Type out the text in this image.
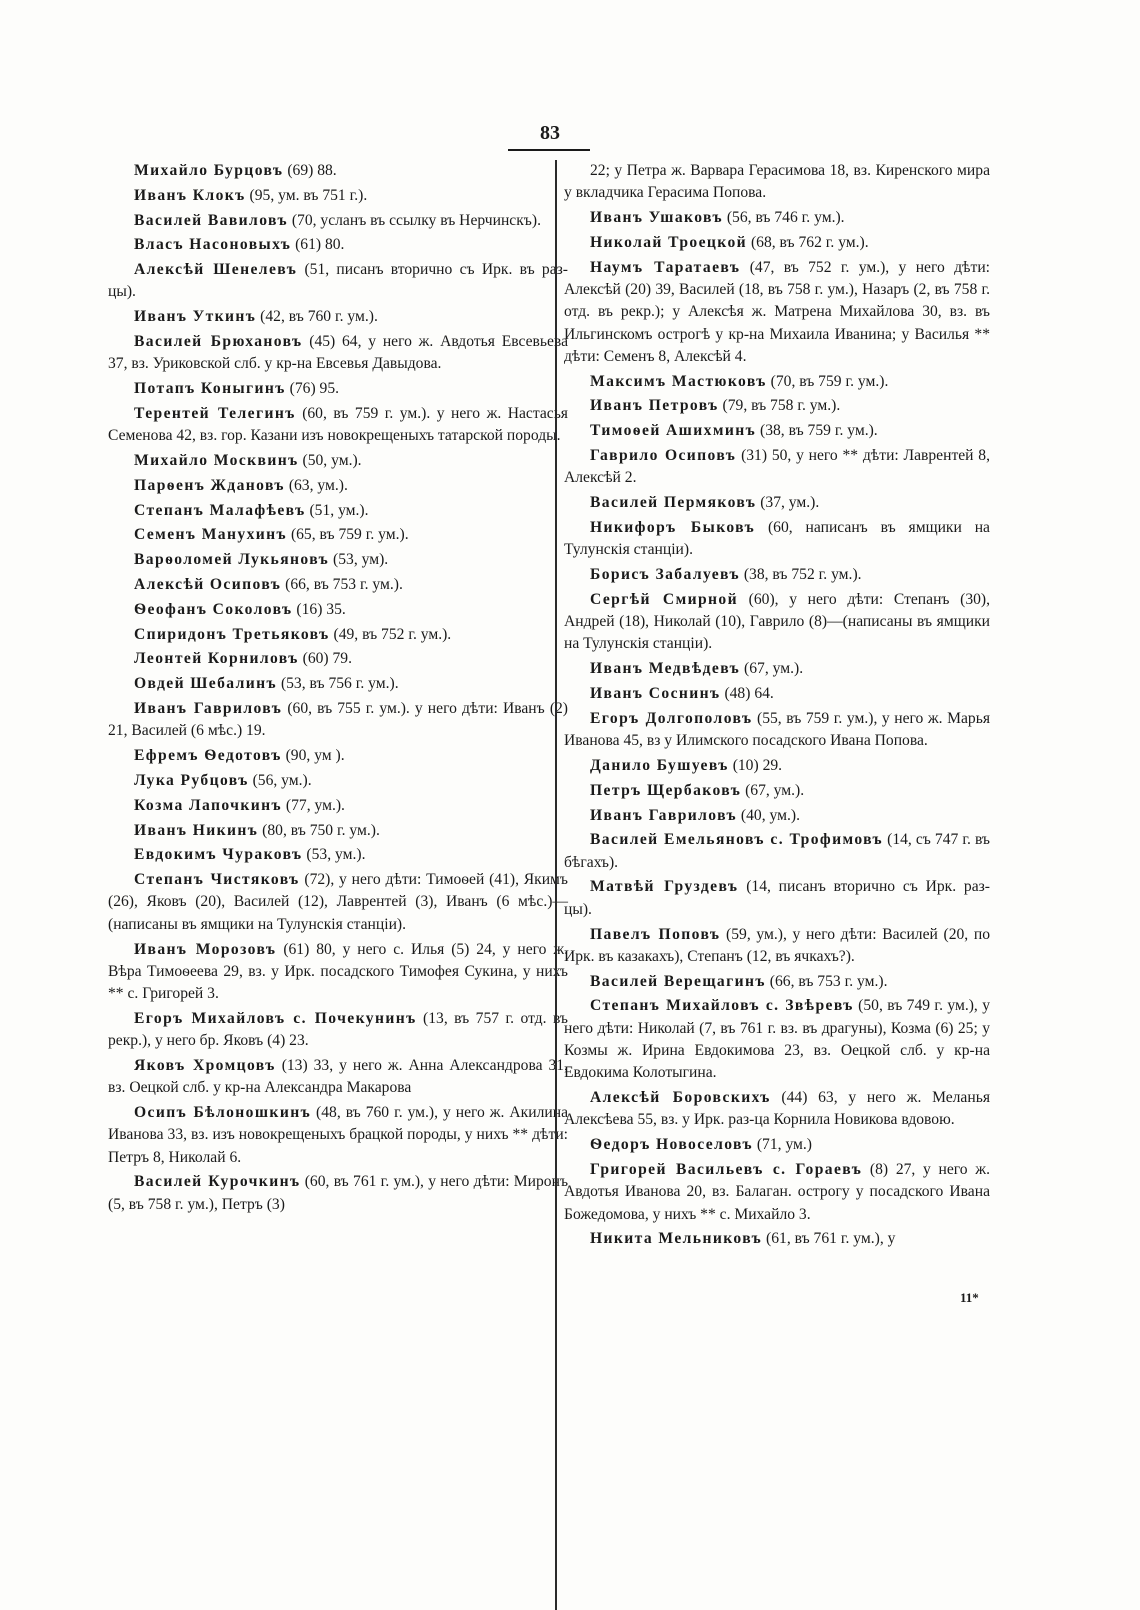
83

Михайло Бурцовъ (69) 88.

Иванъ Клокъ (95, ум. въ 751 г.).

Василей Вавиловъ (70, усланъ въ ссылку въ Нерчинскъ).

Власъ Насоновыхъ (61) 80.

Алексѣй Шенелевъ (51, писанъ вторично съ Ирк. въ раз-цы).

Иванъ Уткинъ (42, въ 760 г. ум.).

Василей Брюхановъ (45) 64, у него ж. Авдотья Евсевьева 37, вз. Уриковской слб. у кр-на Евсевья Давыдова.

Потапъ Коныгинъ (76) 95.

Терентей Телегинъ (60, въ 759 г. ум.). у него ж. Настасья Семенова 42, вз. гор. Казани изъ новокрещеныхъ татарской породы.

Михайло Москвинъ (50, ум.).

Парѳенъ Ждановъ (63, ум.).

Степанъ Малафѣевъ (51, ум.).

Семенъ Манухинъ (65, въ 759 г. ум.).

Варѳоломей Лукьяновъ (53, ум).

Алексѣй Осиповъ (66, въ 753 г. ум.).

Ѳеофанъ Соколовъ (16) 35.

Спиридонъ Третьяковъ (49, въ 752 г. ум.).

Леонтей Корниловъ (60) 79.

Овдей Шебалинъ (53, въ 756 г. ум.).

Иванъ Гавриловъ (60, въ 755 г. ум.). у него дѣти: Иванъ (2) 21, Василей (6 мѣс.) 19.

Ефремъ Ѳедотовъ (90, ум ).

Лука Рубцовъ (56, ум.).

Козма Лапочкинъ (77, ум.).

Иванъ Никинъ (80, въ 750 г. ум.).

Евдокимъ Чураковъ (53, ум.).

Степанъ Чистяковъ (72), у него дѣти: Тимоѳей (41), Якимъ (26), Яковъ (20), Василей (12), Лаврентей (3), Иванъ (6 мѣс.)—(написаны въ ямщики на Тулунскія станціи).

Иванъ Морозовъ (61) 80, у него с. Илья (5) 24, у него ж. Вѣра Тимоѳеева 29, вз. у Ирк. посадского Тимофея Сукина, у нихъ ** с. Григорей 3.

Егоръ Михайловъ с. Почекунинъ (13, въ 757 г. отд. въ рекр.), у него бр. Яковъ (4) 23.

Яковъ Хромцовъ (13) 33, у него ж. Анна Александрова 31, вз. Оецкой слб. у кр-на Александра Макарова

Осипъ Бѣлоношкинъ (48, въ 760 г. ум.), у него ж. Акилина Иванова 33, вз. изъ новокрещеныхъ брацкой породы, у нихъ ** дѣти: Петръ 8, Николай 6.

Василей Курочкинъ (60, въ 761 г. ум.), у него дѣти: Миронъ (5, въ 758 г. ум.), Петръ (3)

22; у Петра ж. Варвара Герасимова 18, вз. Киренского мира у вкладчика Герасима Попова.

Иванъ Ушаковъ (56, въ 746 г. ум.).

Николай Троецкой (68, въ 762 г. ум.).

Наумъ Таратаевъ (47, въ 752 г. ум.), у него дѣти: Алексѣй (20) 39, Василей (18, въ 758 г. ум.), Назаръ (2, въ 758 г. отд. въ рекр.); у Алексѣя ж. Матрена Михайлова 30, вз. въ Ильгинскомъ острогѣ у кр-на Михаила Иванина; у Василья ** дѣти: Семенъ 8, Алексѣй 4.

Максимъ Мастюковъ (70, въ 759 г. ум.).

Иванъ Петровъ (79, въ 758 г. ум.).

Тимоѳей Ашихминъ (38, въ 759 г. ум.).

Гаврило Осиповъ (31) 50, у него ** дѣти: Лаврентей 8, Алексѣй 2.

Василей Пермяковъ (37, ум.).

Никифоръ Быковъ (60, написанъ въ ямщики на Тулунскія станціи).

Борисъ Забалуевъ (38, въ 752 г. ум.).

Сергѣй Смирной (60), у него дѣти: Степанъ (30), Андрей (18), Николай (10), Гаврило (8)—(написаны въ ямщики на Тулунскія станціи).

Иванъ Медвѣдевъ (67, ум.).

Иванъ Соснинъ (48) 64.

Егоръ Долгополовъ (55, въ 759 г. ум.), у него ж. Марья Иванова 45, вз у Илимского посадского Ивана Попова.

Данило Бушуевъ (10) 29.

Петръ Щербаковъ (67, ум.).

Иванъ Гавриловъ (40, ум.).

Василей Емельяновъ с. Трофимовъ (14, съ 747 г. въ бѣгахъ).

Матвѣй Груздевъ (14, писанъ вторично съ Ирк. раз-цы).

Павелъ Поповъ (59, ум.), у него дѣти: Василей (20, по Ирк. въ казакахъ), Степанъ (12, въ ячкахъ?).

Василей Верещагинъ (66, въ 753 г. ум.).

Степанъ Михайловъ с. Звѣревъ (50, въ 749 г. ум.), у него дѣти: Николай (7, въ 761 г. вз. въ драгуны), Козма (6) 25; у Козмы ж. Ирина Евдокимова 23, вз. Оецкой слб. у кр-на Евдокима Колотыгина.

Алексѣй Боровскихъ (44) 63, у него ж. Меланья Алексѣева 55, вз. у Ирк. раз-ца Корнила Новикова вдовою.

Ѳедоръ Новоселовъ (71, ум.)

Григорей Васильевъ с. Гораевъ (8) 27, у него ж. Авдотья Иванова 20, вз. Балаган. острогу у посадского Ивана Божедомова, у нихъ ** с. Михайло 3.

Никита Мельниковъ (61, въ 761 г. ум.), у

11*
